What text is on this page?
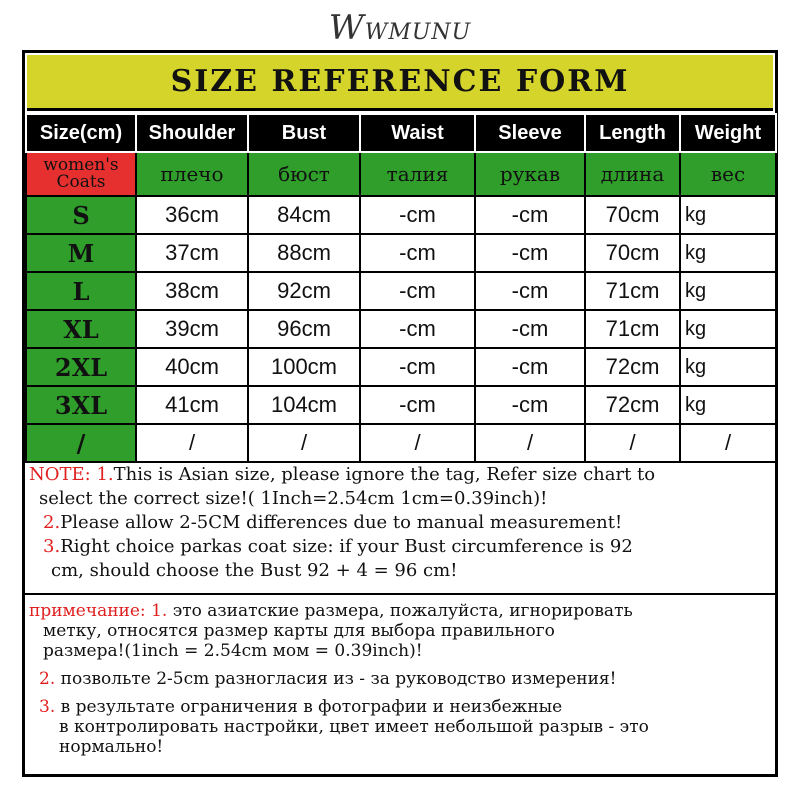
WWMUNU
SIZE REFERENCE FORM
Size(cm)	Shoulder	Bust	Waist	Sleeve	Length	Weight
women's Coats	плечо	бюст	талия	рукав	длина	вес
S	36cm	84cm	-cm	-cm	70cm	kg
M	37cm	88cm	-cm	-cm	70cm	kg
L	38cm	92cm	-cm	-cm	71cm	kg
XL	39cm	96cm	-cm	-cm	71cm	kg
2XL	40cm	100cm	-cm	-cm	72cm	kg
3XL	41cm	104cm	-cm	-cm	72cm	kg
/	/	/	/	/	/	/

NOTE: 1.This is Asian size, please ignore the tag, Refer size chart to

select the correct size!( 1Inch=2.54cm 1cm=0.39inch)!

2.Please allow 2-5CM differences due to manual measurement!

3.Right choice parkas coat size: if your Bust circumference is 92

cm, should choose the Bust 92 + 4 = 96 cm!

примечание: 1. это азиатские размера, пожалуйста, игнорировать

метку, относятся размер карты для выбора правильного

размера!(1inch = 2.54cm мом = 0.39inch)!

2. позвольте 2-5cm разногласия из - за руководство измерения!

3. в результате ограничения в фотографии и неизбежные

в контролировать настройки, цвет имеет небольшой разрыв - это

нормально!
